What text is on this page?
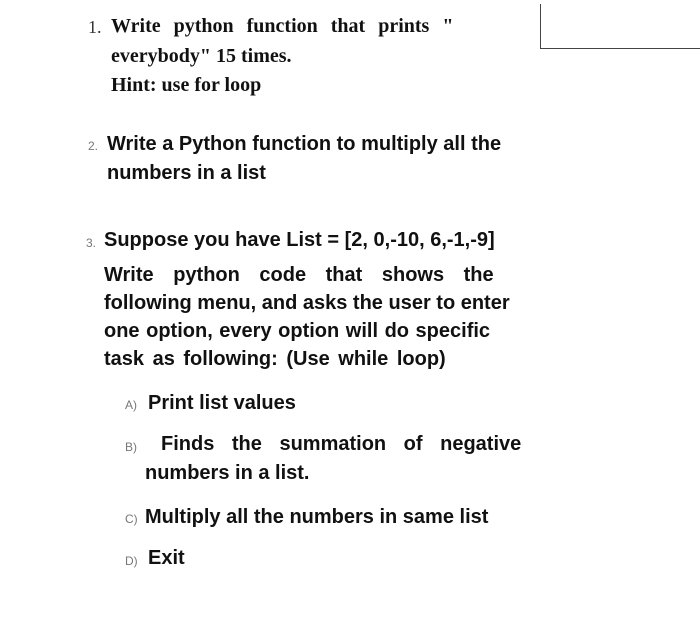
1. Write python function that prints "
everybody" 15 times.
Hint: use for loop
2. Write a Python function to multiply all the
numbers in a list
3. Suppose you have List = [2, 0,-10, 6,-1,-9]
Write python code that shows the
following menu, and asks the user to enter
one option, every option will do specific
task as following: (Use while loop)
A) Print list values
B) Finds the summation of negative
numbers in a list.
C) Multiply all the numbers in same list
D) Exit
